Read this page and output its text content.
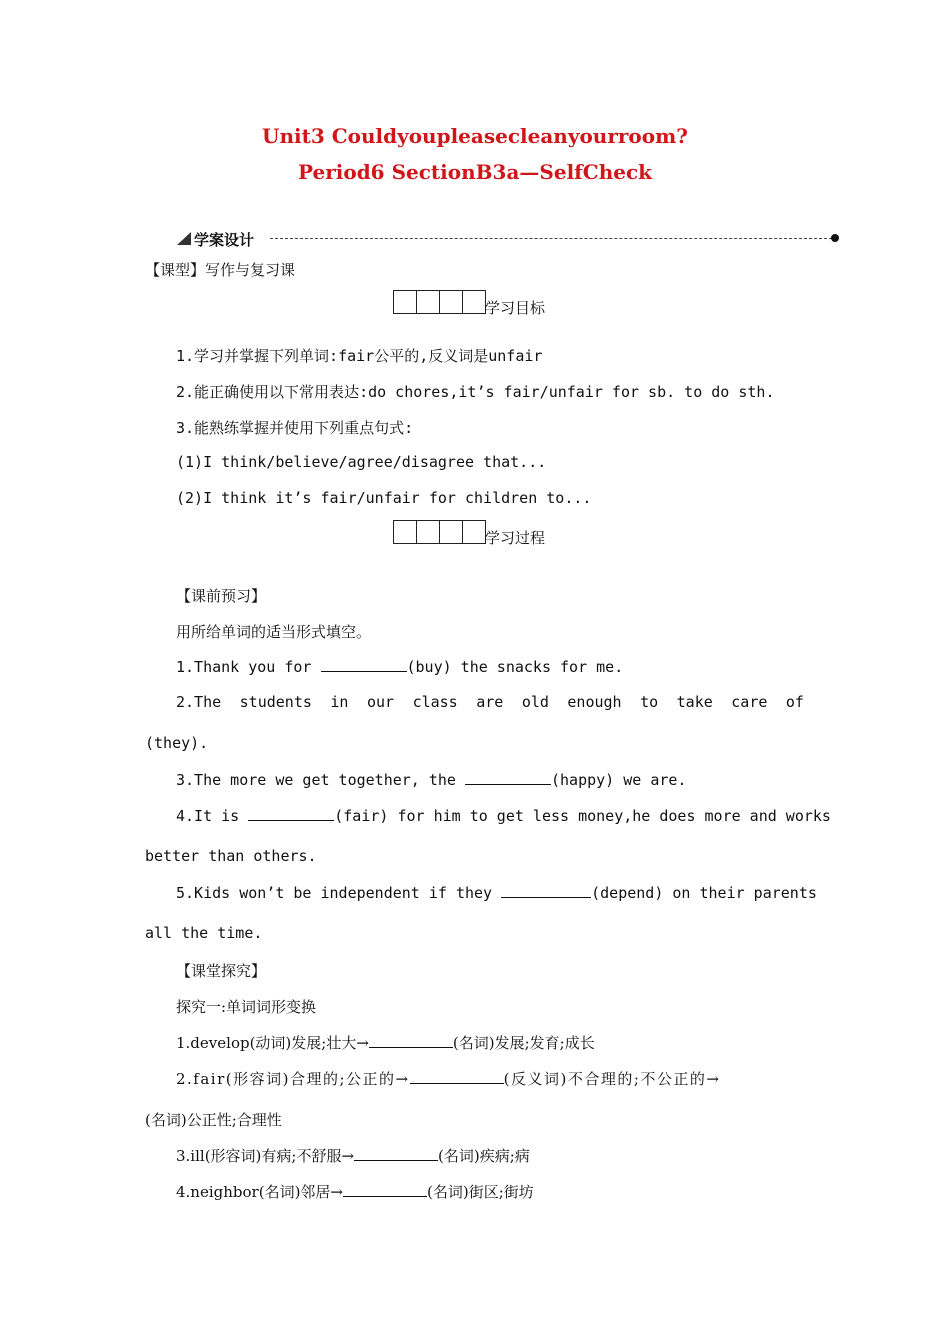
Unit3 Couldyoupleasecleanyourroom?
Period6 SectionB3a—SelfCheck
学案设计
【课型】写作与复习课
学习目标
1.学习并掌握下列单词:fair公平的,反义词是unfair
2.能正确使用以下常用表达:do chores,it’s fair/unfair for sb. to do sth.
3.能熟练掌握并使用下列重点句式:
(1)I think/believe/agree/disagree that...
(2)I think it’s fair/unfair for children to...
学习过程
【课前预习】
用所给单词的适当形式填空。
1.Thank you for	(buy) the snacks for me.
2.The students in our class are old enough to take care of
(they).
3.The more we get together, the	(happy) we are.
4.It is	(fair) for him to get less money,he does more and works
better than others.
5.Kids won’t be independent if they	(depend) on their parents
all the time.
【课堂探究】
探究一:单词词形变换
1.develop(动词)发展;壮大→	(名词)发展;发育;成长
2.fair(形容词)合理的;公正的→	(反义词)不合理的;不公正的→
(名词)公正性;合理性
3.ill(形容词)有病;不舒服→	(名词)疾病;病
4.neighbor(名词)邻居→	(名词)街区;街坊
